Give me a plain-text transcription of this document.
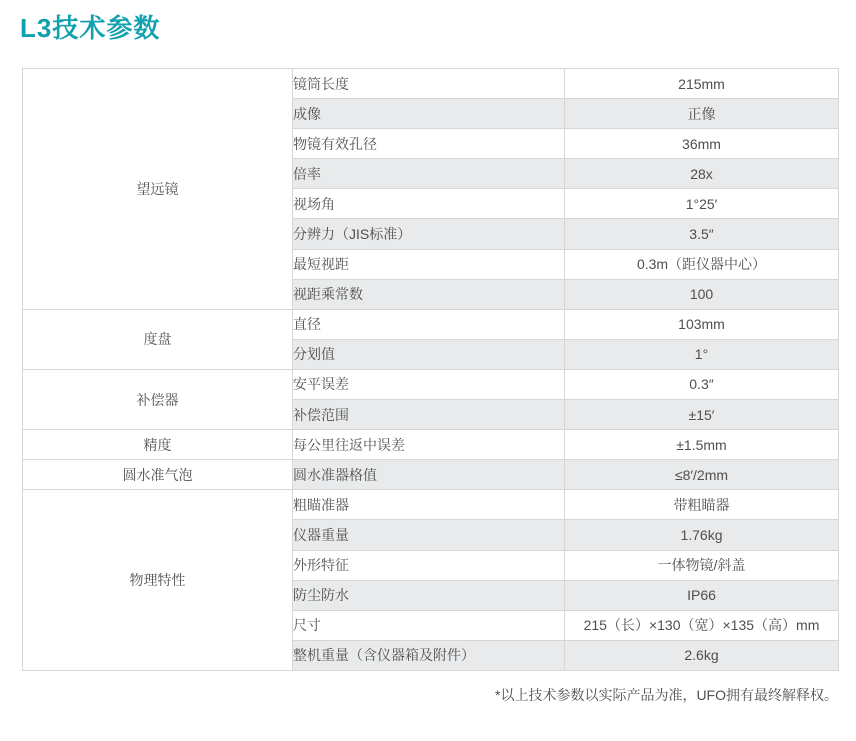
L3技术参数
望远镜	镜筒长度	215mm
	成像	正像
	物镜有效孔径	36mm
	倍率	28x
	视场角	1°25′
	分辨力（JIS标准）	3.5″
	最短视距	0.3m（距仪器中心）
	视距乘常数	100
度盘	直径	103mm
	分划值	1°
补偿器	安平误差	0.3″
	补偿范围	±15′
精度	每公里往返中误差	±1.5mm
圆水准气泡	圆水准器格值	≤8′/2mm
物理特性	粗瞄准器	带粗瞄器
	仪器重量	1.76kg
	外形特征	一体物镜/斜盖
	防尘防水	IP66
	尺寸	215（长）×130（宽）×135（高）mm
	整机重量（含仪器箱及附件）	2.6kg
*以上技术参数以实际产品为准，UFO拥有最终解释权。
